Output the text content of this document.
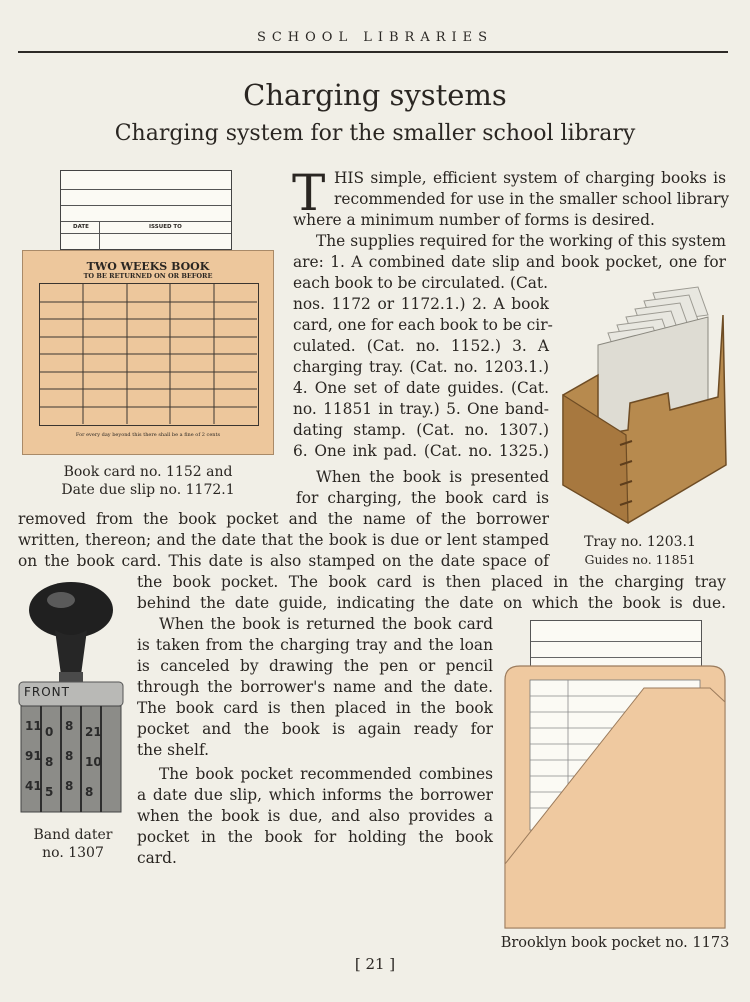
SCHOOL LIBRARIES
Charging systems
Charging system for the smaller school library
DATE	ISSUED TO
TWO WEEKS BOOK
TO BE RETURNED ON OR BEFORE
For every day beyond this there shall be a fine of 2 cents
Book card no. 1152 and
Date due slip no. 1172.1
T HIS simple, efficient system of charging books is
recommended for use in the smaller school library
where a minimum number of forms is desired.
The supplies required for the working of this system
are: 1. A combined date slip and book pocket, one for
each book to be circulated. (Cat.
nos. 1172 or 1172.1.) 2. A book
card, one for each book to be cir-
culated. (Cat. no. 1152.) 3. A
charging tray. (Cat. no. 1203.1.)
4. One set of date guides. (Cat.
no. 11851 in tray.) 5. One band-
dating stamp. (Cat. no. 1307.)
6. One ink pad. (Cat. no. 1325.)
Tray no. 1203.1
Guides no. 11851
When the book is presented
for charging, the book card is
removed from the book pocket and the name of the borrower
written, thereon; and the date that the book is due or lent stamped
on the book card. This date is also stamped on the date space of
the book pocket. The book card is then placed in the charging tray
behind the date guide, indicating the date on which the book is due.
11 0 8 21
91 8 8 10
41 5 8 8
FRONT
Band dater
no. 1307
When the book is returned the book card
is taken from the charging tray and the loan
is canceled by drawing the pen or pencil
through the borrower's name and the date.
The book card is then placed in the book
pocket and the book is again ready for
the shelf.
The book pocket recommended combines
a date due slip, which informs the borrower
when the book is due, and also provides a
pocket in the book for holding the book
card.
Brooklyn book pocket no. 1173
[ 21 ]
